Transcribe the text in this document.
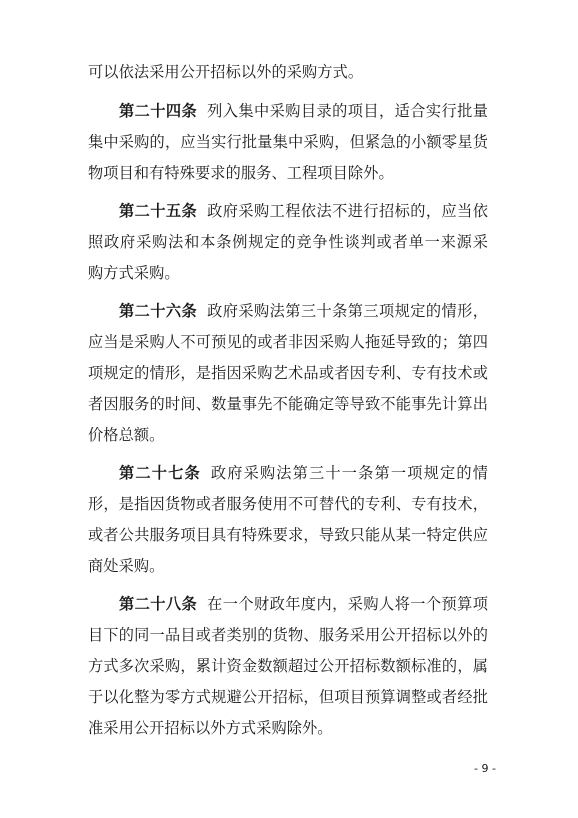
可以依法采用公开招标以外的采购方式。
第二十四条 列入集中采购目录的项目，适合实行批量
集中采购的，应当实行批量集中采购，但紧急的小额零星货
物项目和有特殊要求的服务、工程项目除外。
第二十五条 政府采购工程依法不进行招标的，应当依
照政府采购法和本条例规定的竞争性谈判或者单一来源采
购方式采购。
第二十六条 政府采购法第三十条第三项规定的情形，
应当是采购人不可预见的或者非因采购人拖延导致的；第四
项规定的情形，是指因采购艺术品或者因专利、专有技术或
者因服务的时间、数量事先不能确定等导致不能事先计算出
价格总额。
第二十七条 政府采购法第三十一条第一项规定的情
形，是指因货物或者服务使用不可替代的专利、专有技术，
或者公共服务项目具有特殊要求，导致只能从某一特定供应
商处采购。
第二十八条 在一个财政年度内，采购人将一个预算项
目下的同一品目或者类别的货物、服务采用公开招标以外的
方式多次采购，累计资金数额超过公开招标数额标准的，属
于以化整为零方式规避公开招标，但项目预算调整或者经批
准采用公开招标以外方式采购除外。
- 9 -
